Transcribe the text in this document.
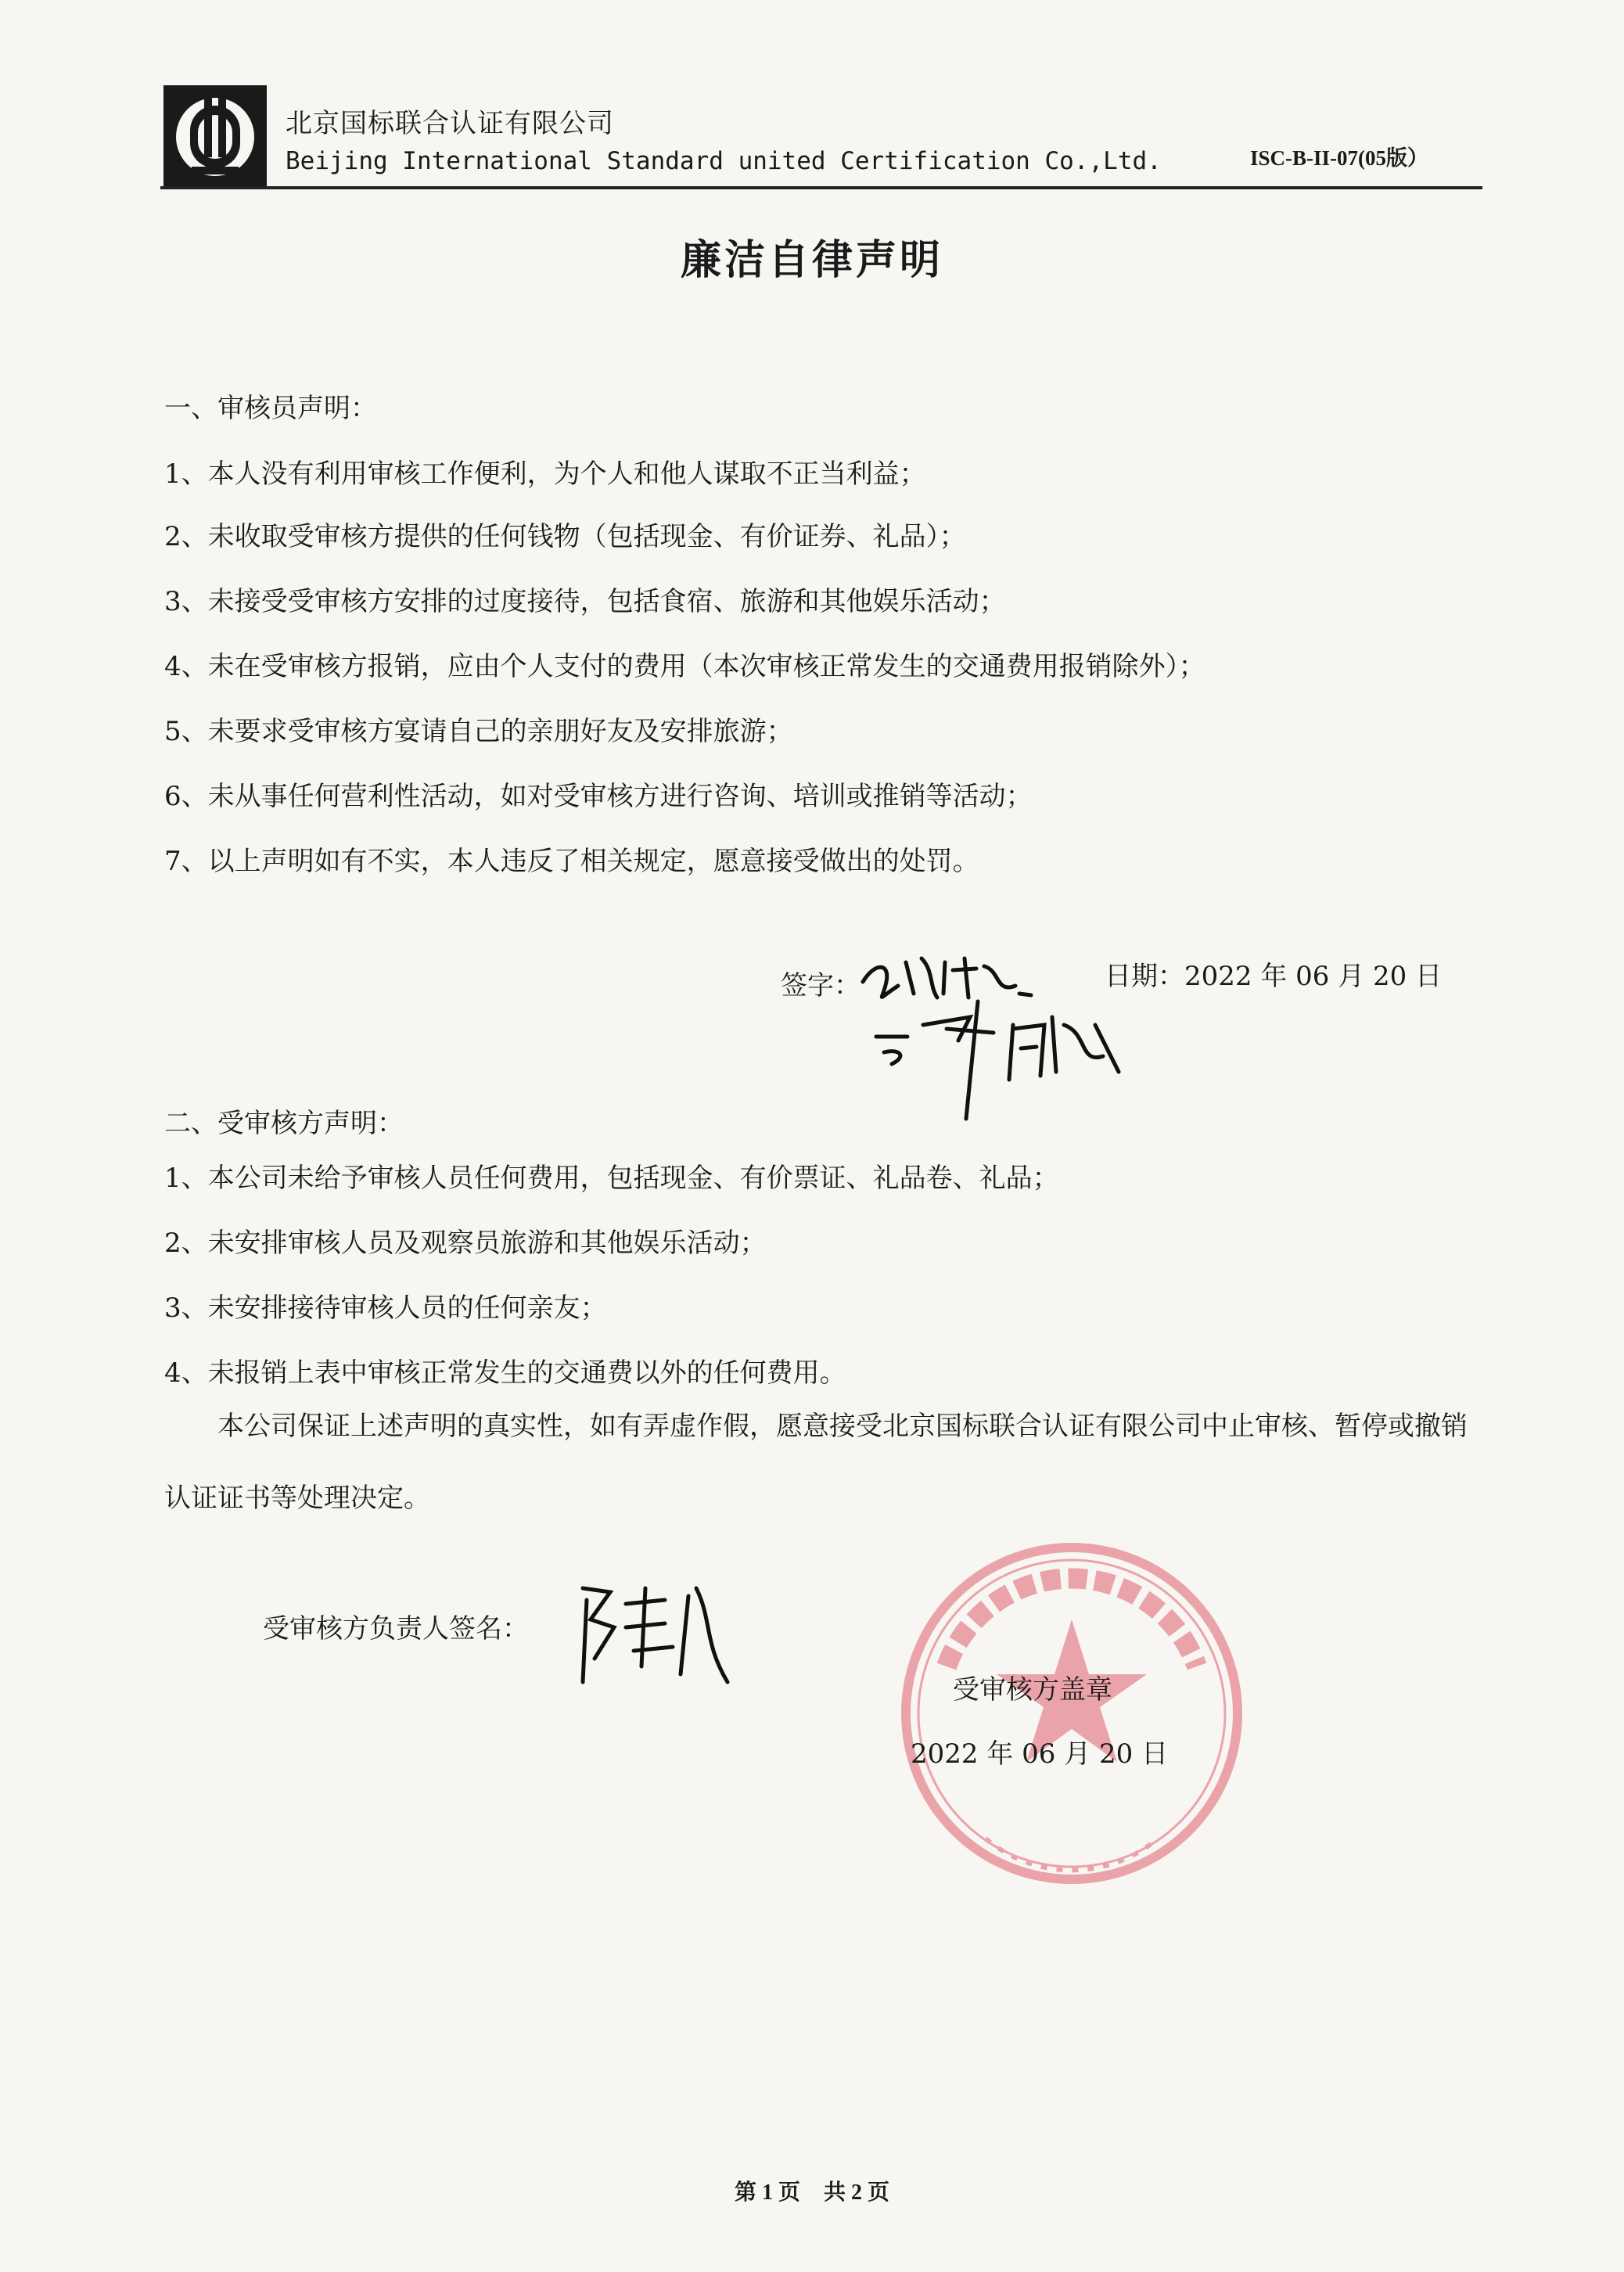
北京国标联合认证有限公司
Beijing International Standard united Certification Co.,Ltd.	ISC-B-II-07(05版）
廉洁自律声明
一、审核员声明：
1、本人没有利用审核工作便利，为个人和他人谋取不正当利益；
2、未收取受审核方提供的任何钱物（包括现金、有价证券、礼品）；
3、未接受受审核方安排的过度接待，包括食宿、旅游和其他娱乐活动；
4、未在受审核方报销，应由个人支付的费用（本次审核正常发生的交通费用报销除外）；
5、未要求受审核方宴请自己的亲朋好友及安排旅游；
6、未从事任何营利性活动，如对受审核方进行咨询、培训或推销等活动；
7、以上声明如有不实，本人违反了相关规定，愿意接受做出的处罚。
签字：	日期：2022 年 06 月 20 日
二、受审核方声明：
1、本公司未给予审核人员任何费用，包括现金、有价票证、礼品卷、礼品；
2、未安排审核人员及观察员旅游和其他娱乐活动；
3、未安排接待审核人员的任何亲友；
4、未报销上表中审核正常发生的交通费以外的任何费用。
本公司保证上述声明的真实性，如有弄虚作假，愿意接受北京国标联合认证有限公司中止审核、暂停或撤销认证证书等处理决定。
受审核方负责人签名：
受审核方盖章
2022 年 06 月 20 日
第 1 页 共 2 页
